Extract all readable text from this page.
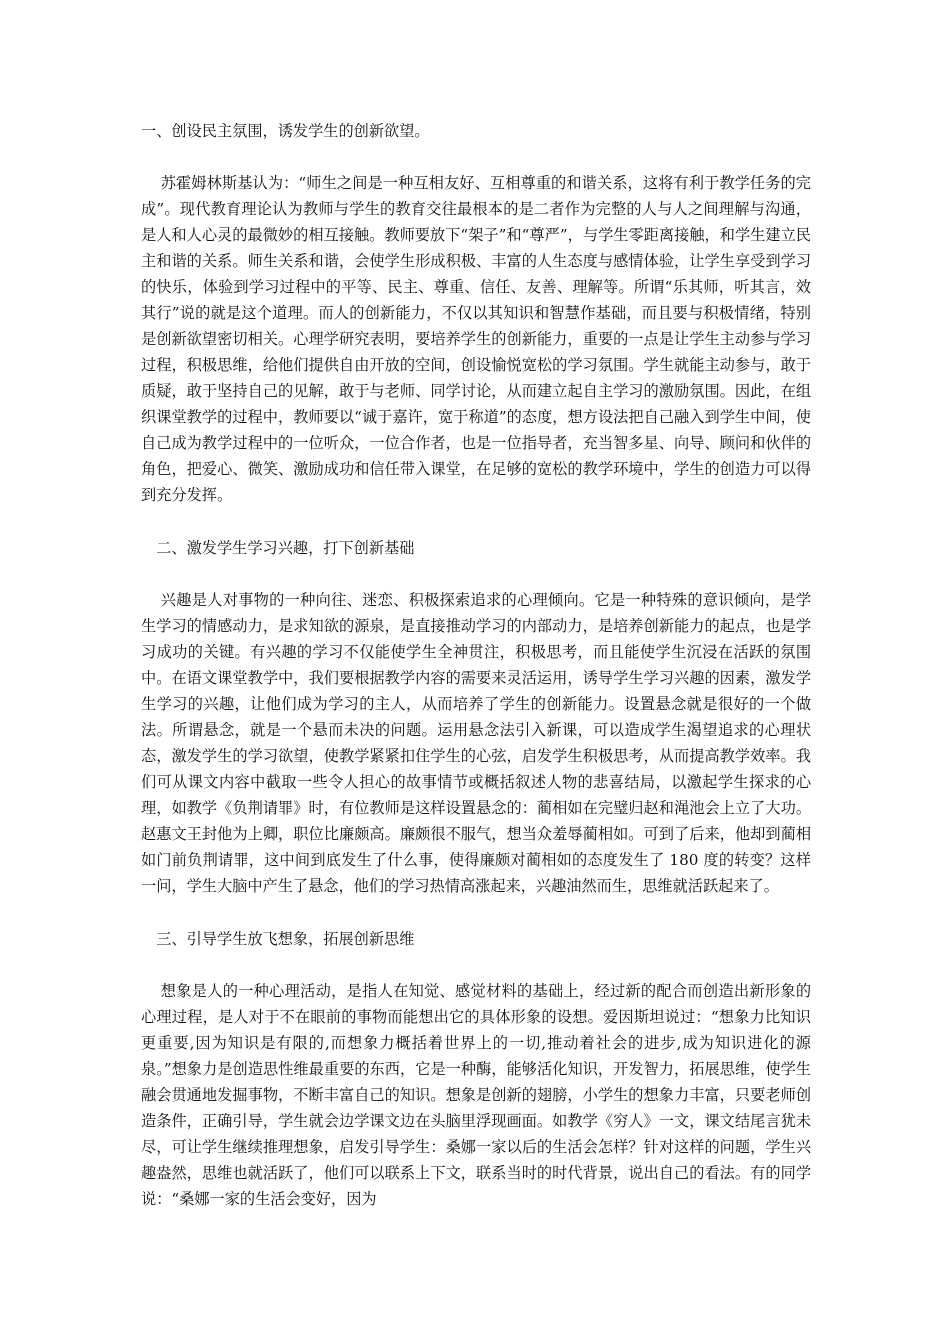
一、创设民主氛围，诱发学生的创新欲望。

苏霍姆林斯基认为：“师生之间是一种互相友好、互相尊重的和谐关系，这将有利于教学任务的完成”。现代教育理论认为教师与学生的教育交往最根本的是二者作为完整的人与人之间理解与沟通，是人和人心灵的最微妙的相互接触。教师要放下“架子”和“尊严”，与学生零距离接触，和学生建立民主和谐的关系。师生关系和谐，会使学生形成积极、丰富的人生态度与感情体验，让学生享受到学习的快乐，体验到学习过程中的平等、民主、尊重、信任、友善、理解等。所谓“乐其师，听其言，效其行”说的就是这个道理。而人的创新能力，不仅以其知识和智慧作基础，而且要与积极情绪，特别是创新欲望密切相关。心理学研究表明，要培养学生的创新能力，重要的一点是让学生主动参与学习过程，积极思维，给他们提供自由开放的空间，创设愉悦宽松的学习氛围。学生就能主动参与，敢于质疑，敢于坚持自己的见解，敢于与老师、同学讨论，从而建立起自主学习的激励氛围。因此，在组织课堂教学的过程中，教师要以“诚于嘉许，宽于称道”的态度，想方设法把自己融入到学生中间，使自己成为教学过程中的一位听众，一位合作者，也是一位指导者，充当智多星、向导、顾问和伙伴的角色，把爱心、微笑、激励成功和信任带入课堂，在足够的宽松的教学环境中，学生的创造力可以得到充分发挥。

　二、激发学生学习兴趣，打下创新基础

兴趣是人对事物的一种向往、迷恋、积极探索追求的心理倾向。它是一种特殊的意识倾向，是学生学习的情感动力，是求知欲的源泉，是直接推动学习的内部动力，是培养创新能力的起点，也是学习成功的关键。有兴趣的学习不仅能使学生全神贯注，积极思考，而且能使学生沉浸在活跃的氛围中。在语文课堂教学中，我们要根据教学内容的需要来灵活运用，诱导学生学习兴趣的因素，激发学生学习的兴趣，让他们成为学习的主人，从而培养了学生的创新能力。设置悬念就是很好的一个做法。所谓悬念，就是一个悬而未决的问题。运用悬念法引入新课，可以造成学生渴望追求的心理状态，激发学生的学习欲望，使教学紧紧扣住学生的心弦，启发学生积极思考，从而提高教学效率。我们可从课文内容中截取一些令人担心的故事情节或概括叙述人物的悲喜结局，以激起学生探求的心理，如教学《负荆请罪》时，有位教师是这样设置悬念的：蔺相如在完璧归赵和渑池会上立了大功。赵惠文王封他为上卿，职位比廉颇高。廉颇很不服气，想当众羞辱蔺相如。可到了后来，他却到蔺相如门前负荆请罪，这中间到底发生了什么事，使得廉颇对蔺相如的态度发生了 180 度的转变？这样一问，学生大脑中产生了悬念，他们的学习热情高涨起来，兴趣油然而生，思维就活跃起来了。

　三、引导学生放飞想象，拓展创新思维

想象是人的一种心理活动，是指人在知觉、感觉材料的基础上，经过新的配合而创造出新形象的心理过程，是人对于不在眼前的事物而能想出它的具体形象的设想。爱因斯坦说过：“想象力比知识更重要,因为知识是有限的,而想象力概括着世界上的一切,推动着社会的进步,成为知识进化的源泉。”想象力是创造思性维最重要的东西，它是一种酶，能够活化知识，开发智力，拓展思维，使学生融会贯通地发掘事物，不断丰富自己的知识。想象是创新的翅膀，小学生的想象力丰富，只要老师创造条件，正确引导，学生就会边学课文边在头脑里浮现画面。如教学《穷人》一文，课文结尾言犹未尽，可让学生继续推理想象，启发引导学生：桑娜一家以后的生活会怎样？针对这样的问题，学生兴趣盎然，思维也就活跃了，他们可以联系上下文，联系当时的时代背景，说出自己的看法。有的同学说：“桑娜一家的生活会变好，因为
